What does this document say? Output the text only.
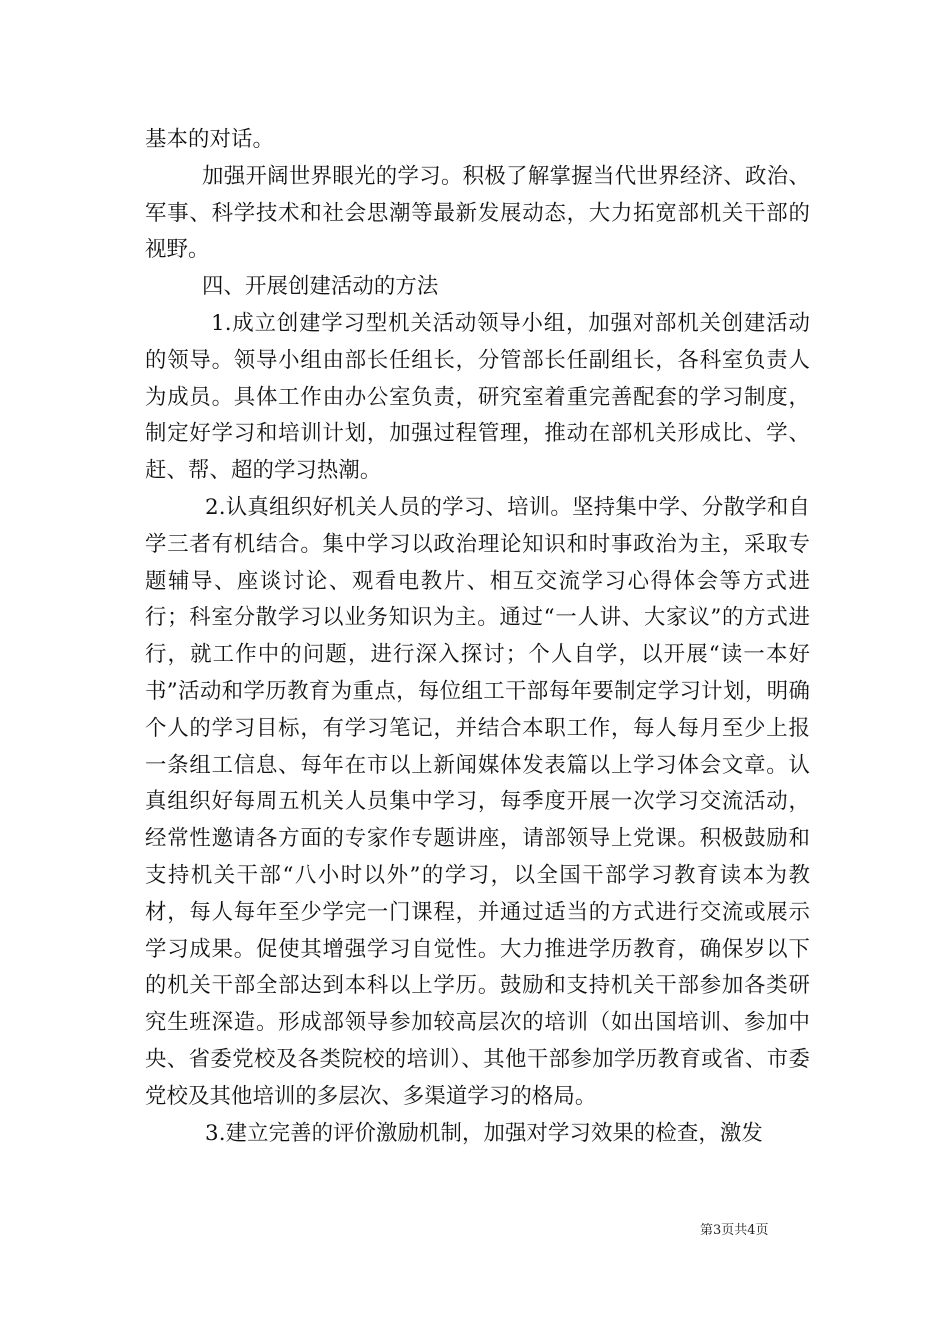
基本的对话。

加强开阔世界眼光的学习。积极了解掌握当代世界经济、政治、军事、科学技术和社会思潮等最新发展动态，大力拓宽部机关干部的视野。

四、开展创建活动的方法

1.成立创建学习型机关活动领导小组，加强对部机关创建活动的领导。领导小组由部长任组长，分管部长任副组长，各科室负责人为成员。具体工作由办公室负责，研究室着重完善配套的学习制度，制定好学习和培训计划，加强过程管理，推动在部机关形成比、学、赶、帮、超的学习热潮。

2.认真组织好机关人员的学习、培训。坚持集中学、分散学和自学三者有机结合。集中学习以政治理论知识和时事政治为主，采取专题辅导、座谈讨论、观看电教片、相互交流学习心得体会等方式进行；科室分散学习以业务知识为主。通过“一人讲、大家议”的方式进行，就工作中的问题，进行深入探讨；个人自学，以开展“读一本好书”活动和学历教育为重点，每位组工干部每年要制定学习计划，明确个人的学习目标，有学习笔记，并结合本职工作，每人每月至少上报一条组工信息、每年在市以上新闻媒体发表篇以上学习体会文章。认真组织好每周五机关人员集中学习，每季度开展一次学习交流活动，经常性邀请各方面的专家作专题讲座，请部领导上党课。积极鼓励和支持机关干部“八小时以外”的学习，以全国干部学习教育读本为教材，每人每年至少学完一门课程，并通过适当的方式进行交流或展示学习成果。促使其增强学习自觉性。大力推进学历教育，确保岁以下的机关干部全部达到本科以上学历。鼓励和支持机关干部参加各类研究生班深造。形成部领导参加较高层次的培训（如出国培训、参加中央、省委党校及各类院校的培训）、其他干部参加学历教育或省、市委党校及其他培训的多层次、多渠道学习的格局。

3.建立完善的评价激励机制，加强对学习效果的检查，激发

第3页共4页
